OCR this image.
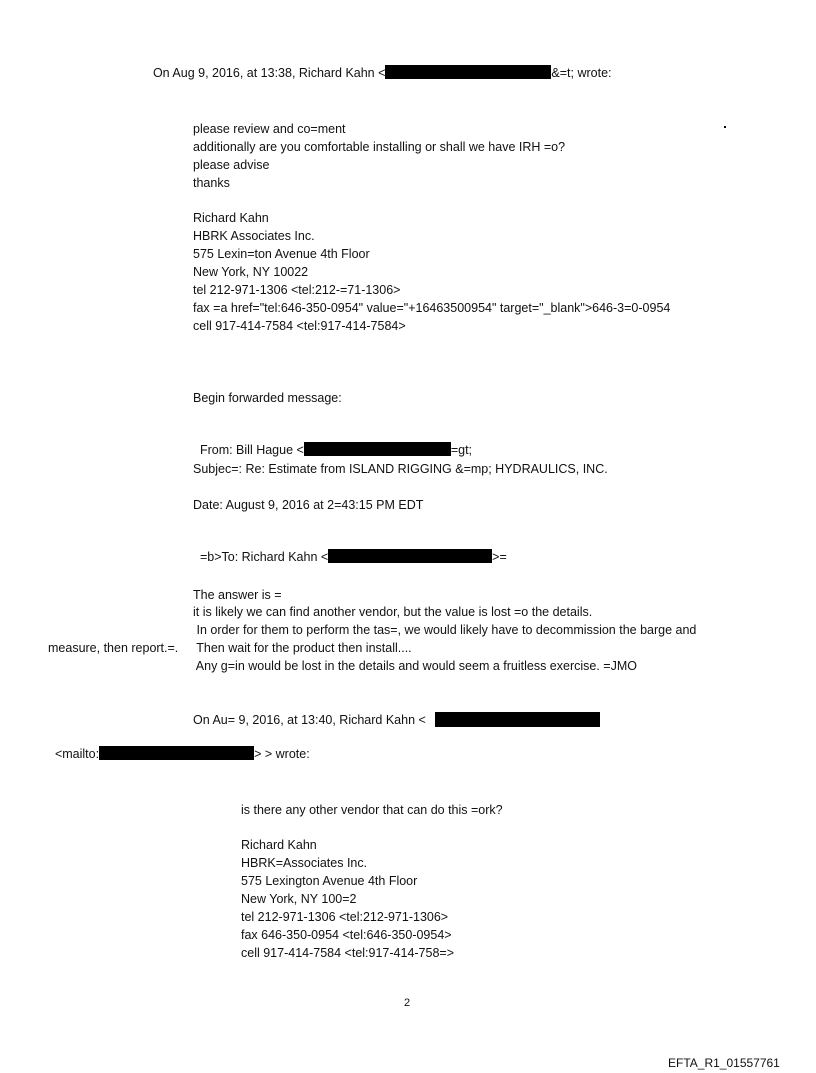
On Aug 9, 2016, at 13:38, Richard Kahn <	&=t; wrote:

please review and co=ment
additionally are you comfortable installing or shall we have IRH =o?
please advise
thanks
Richard Kahn
HBRK Associates Inc.
575 Lexin=ton Avenue 4th Floor
New York, NY 10022
tel 212-971-1306 <tel:212-=71-1306>
fax =a href="tel:646-350-0954" value="+16463500954" target="_blank">646-3=0-0954
cell 917-414-7584 <tel:917-414-7584>
Begin forwarded message:

From: Bill Hague <	=gt;

Subjec=: Re: Estimate from ISLAND RIGGING &=mp; HYDRAULICS, INC.
Date: August 9, 2016 at 2=43:15 PM EDT

=b>To: Richard Kahn <	>=

The answer is =
it is likely we can find another vendor, but the value is lost =o the details.
In order for them to perform the tas=, we would likely have to decommission the barge and
measure, then report.=. Then wait for the product then install....
Any g=in would be lost in the details and would seem a fruitless exercise. =JMO
On Au= 9, 2016, at 13:40, Richard Kahn <

<mailto:	> > wrote:

is there any other vendor that can do this =ork?
Richard Kahn
HBRK=Associates Inc.
575 Lexington Avenue 4th Floor
New York, NY 100=2
tel 212-971-1306 <tel:212-971-1306>
fax 646-350-0954 <tel:646-350-0954>
cell 917-414-7584 <tel:917-414-758=>
2
EFTA_R1_01557761
